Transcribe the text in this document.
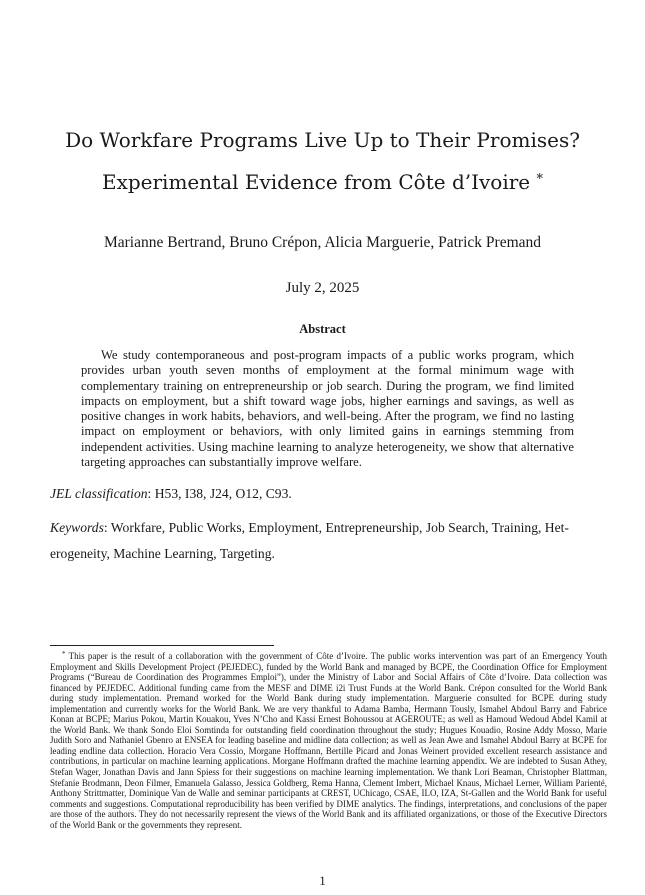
Do Workfare Programs Live Up to Their Promises?
Experimental Evidence from Côte d’Ivoire *

Marianne Bertrand, Bruno Crépon, Alicia Marguerie, Patrick Premand

July 2, 2025

Abstract

We study contemporaneous and post-program impacts of a public works program, which provides urban youth seven months of employment at the formal minimum wage with complementary training on entrepreneurship or job search. During the program, we find limited impacts on employment, but a shift toward wage jobs, higher earnings and savings, as well as positive changes in work habits, behaviors, and well-being. After the program, we find no lasting impact on employment or behaviors, with only limited gains in earnings stemming from independent activities. Using machine learning to analyze heterogeneity, we show that alternative targeting approaches can substantially improve welfare.

JEL classification: H53, I38, J24, O12, C93.

Keywords: Workfare, Public Works, Employment, Entrepreneurship, Job Search, Training, Het-
erogeneity, Machine Learning, Targeting.

* This paper is the result of a collaboration with the government of Côte d’Ivoire. The public works intervention was part of an Emergency Youth Employment and Skills Development Project (PEJEDEC), funded by the World Bank and managed by BCPE, the Coordination Office for Employment Programs (“Bureau de Coordination des Programmes Emploi”), under the Ministry of Labor and Social Affairs of Côte d’Ivoire. Data collection was financed by PEJEDEC. Additional funding came from the MESF and DIME i2i Trust Funds at the World Bank. Crépon consulted for the World Bank during study implementation. Premand worked for the World Bank during study implementation. Marguerie consulted for BCPE during study implementation and currently works for the World Bank. We are very thankful to Adama Bamba, Hermann Tously, Ismahel Abdoul Barry and Fabrice Konan at BCPE; Marius Pokou, Martin Kouakou, Yves N’Cho and Kassi Ernest Bohoussou at AGEROUTE; as well as Hamoud Wedoud Abdel Kamil at the World Bank. We thank Sondo Eloi Somtinda for outstanding field coordination throughout the study; Hugues Kouadio, Rosine Addy Mosso, Marie Judith Soro and Nathaniel Gbenro at ENSEA for leading baseline and midline data collection; as well as Jean Awe and Ismahel Abdoul Barry at BCPE for leading endline data collection. Horacio Vera Cossio, Morgane Hoffmann, Bertille Picard and Jonas Weinert provided excellent research assistance and contributions, in particular on machine learning applications. Morgane Hoffmann drafted the machine learning appendix. We are indebted to Susan Athey, Stefan Wager, Jonathan Davis and Jann Spiess for their suggestions on machine learning implementation. We thank Lori Beaman, Christopher Blattman, Stefanie Brodmann, Deon Filmer, Emanuela Galasso, Jessica Goldberg, Rema Hanna, Clement Imbert, Michael Knaus, Michael Lerner, William Parienté, Anthony Strittmatter, Dominique Van de Walle and seminar participants at CREST, UChicago, CSAE, ILO, IZA, St-Gallen and the World Bank for useful comments and suggestions. Computational reproducibility has been verified by DIME analytics. The findings, interpretations, and conclusions of the paper are those of the authors. They do not necessarily represent the views of the World Bank and its affiliated organizations, or those of the Executive Directors of the World Bank or the governments they represent.

1
